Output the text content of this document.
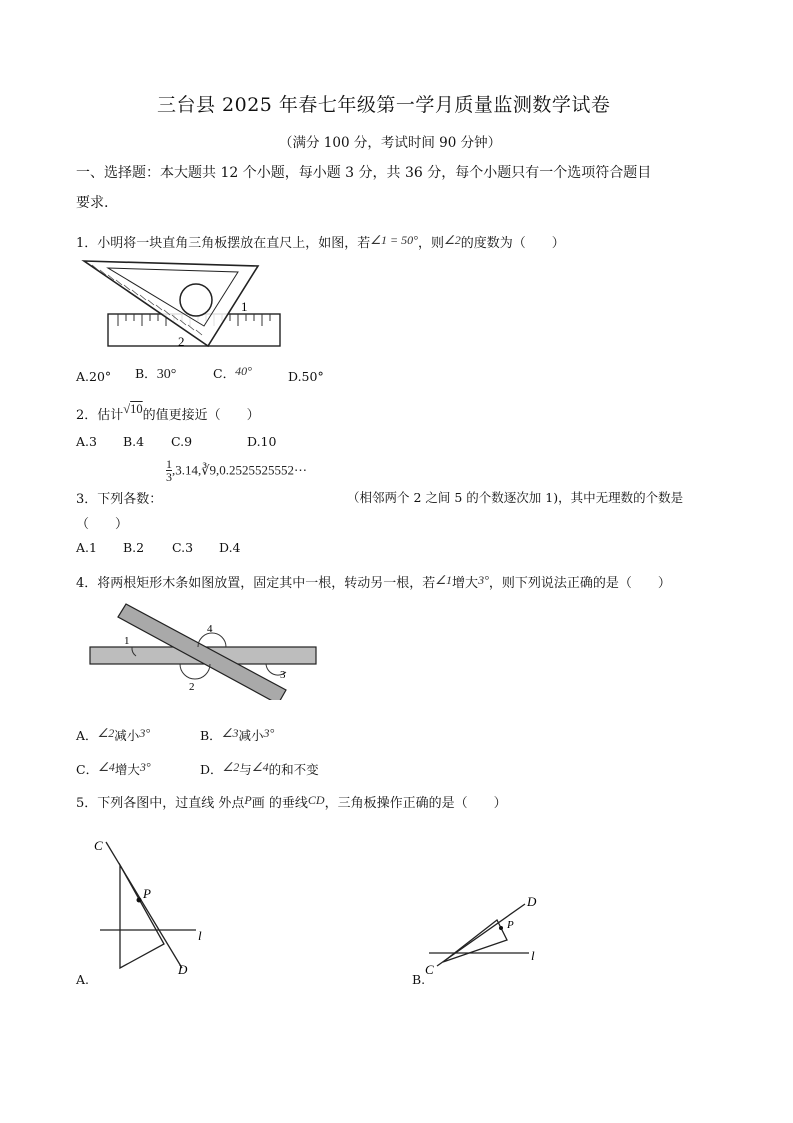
三台县 2025 年春七年级第一学月质量监测数学试卷
（满分 100 分，考试时间 90 分钟）
一、选择题：本大题共 12 个小题，每小题 3 分，共 36 分，每个小题只有一个选项符合题目
要求.
1．小明将一块直角三角板摆放在直尺上，如图，若∠1 = 50°，则∠2的度数为（　　）
1
2
A.20° B．30°	C．40°	D.50°
2．估计√10的值更接近（　　）
A.3 B.4 C.9	D.10
$\frac{1}{3}$ ,3.14,∛9,0.2525525552⋯
3．下列各数：	（相邻两个 2 之间 5 的个数逐次加 1)，其中无理数的个数是
（　　）
A.1 B.2 C.3 D.4
4．将两根矩形木条如图放置，固定其中一根，转动另一根，若∠1增大3°，则下列说法正确的是（　　）
1
2
3
4
A．∠2减小3°	B．∠3减小3°
C．∠4增大3°	D．∠2与∠4的和不变
5．下列各图中，过直线 外点P画 的垂线CD，三角板操作正确的是（　　）
C
P
l
D
A.
C
P
l
D
B.
